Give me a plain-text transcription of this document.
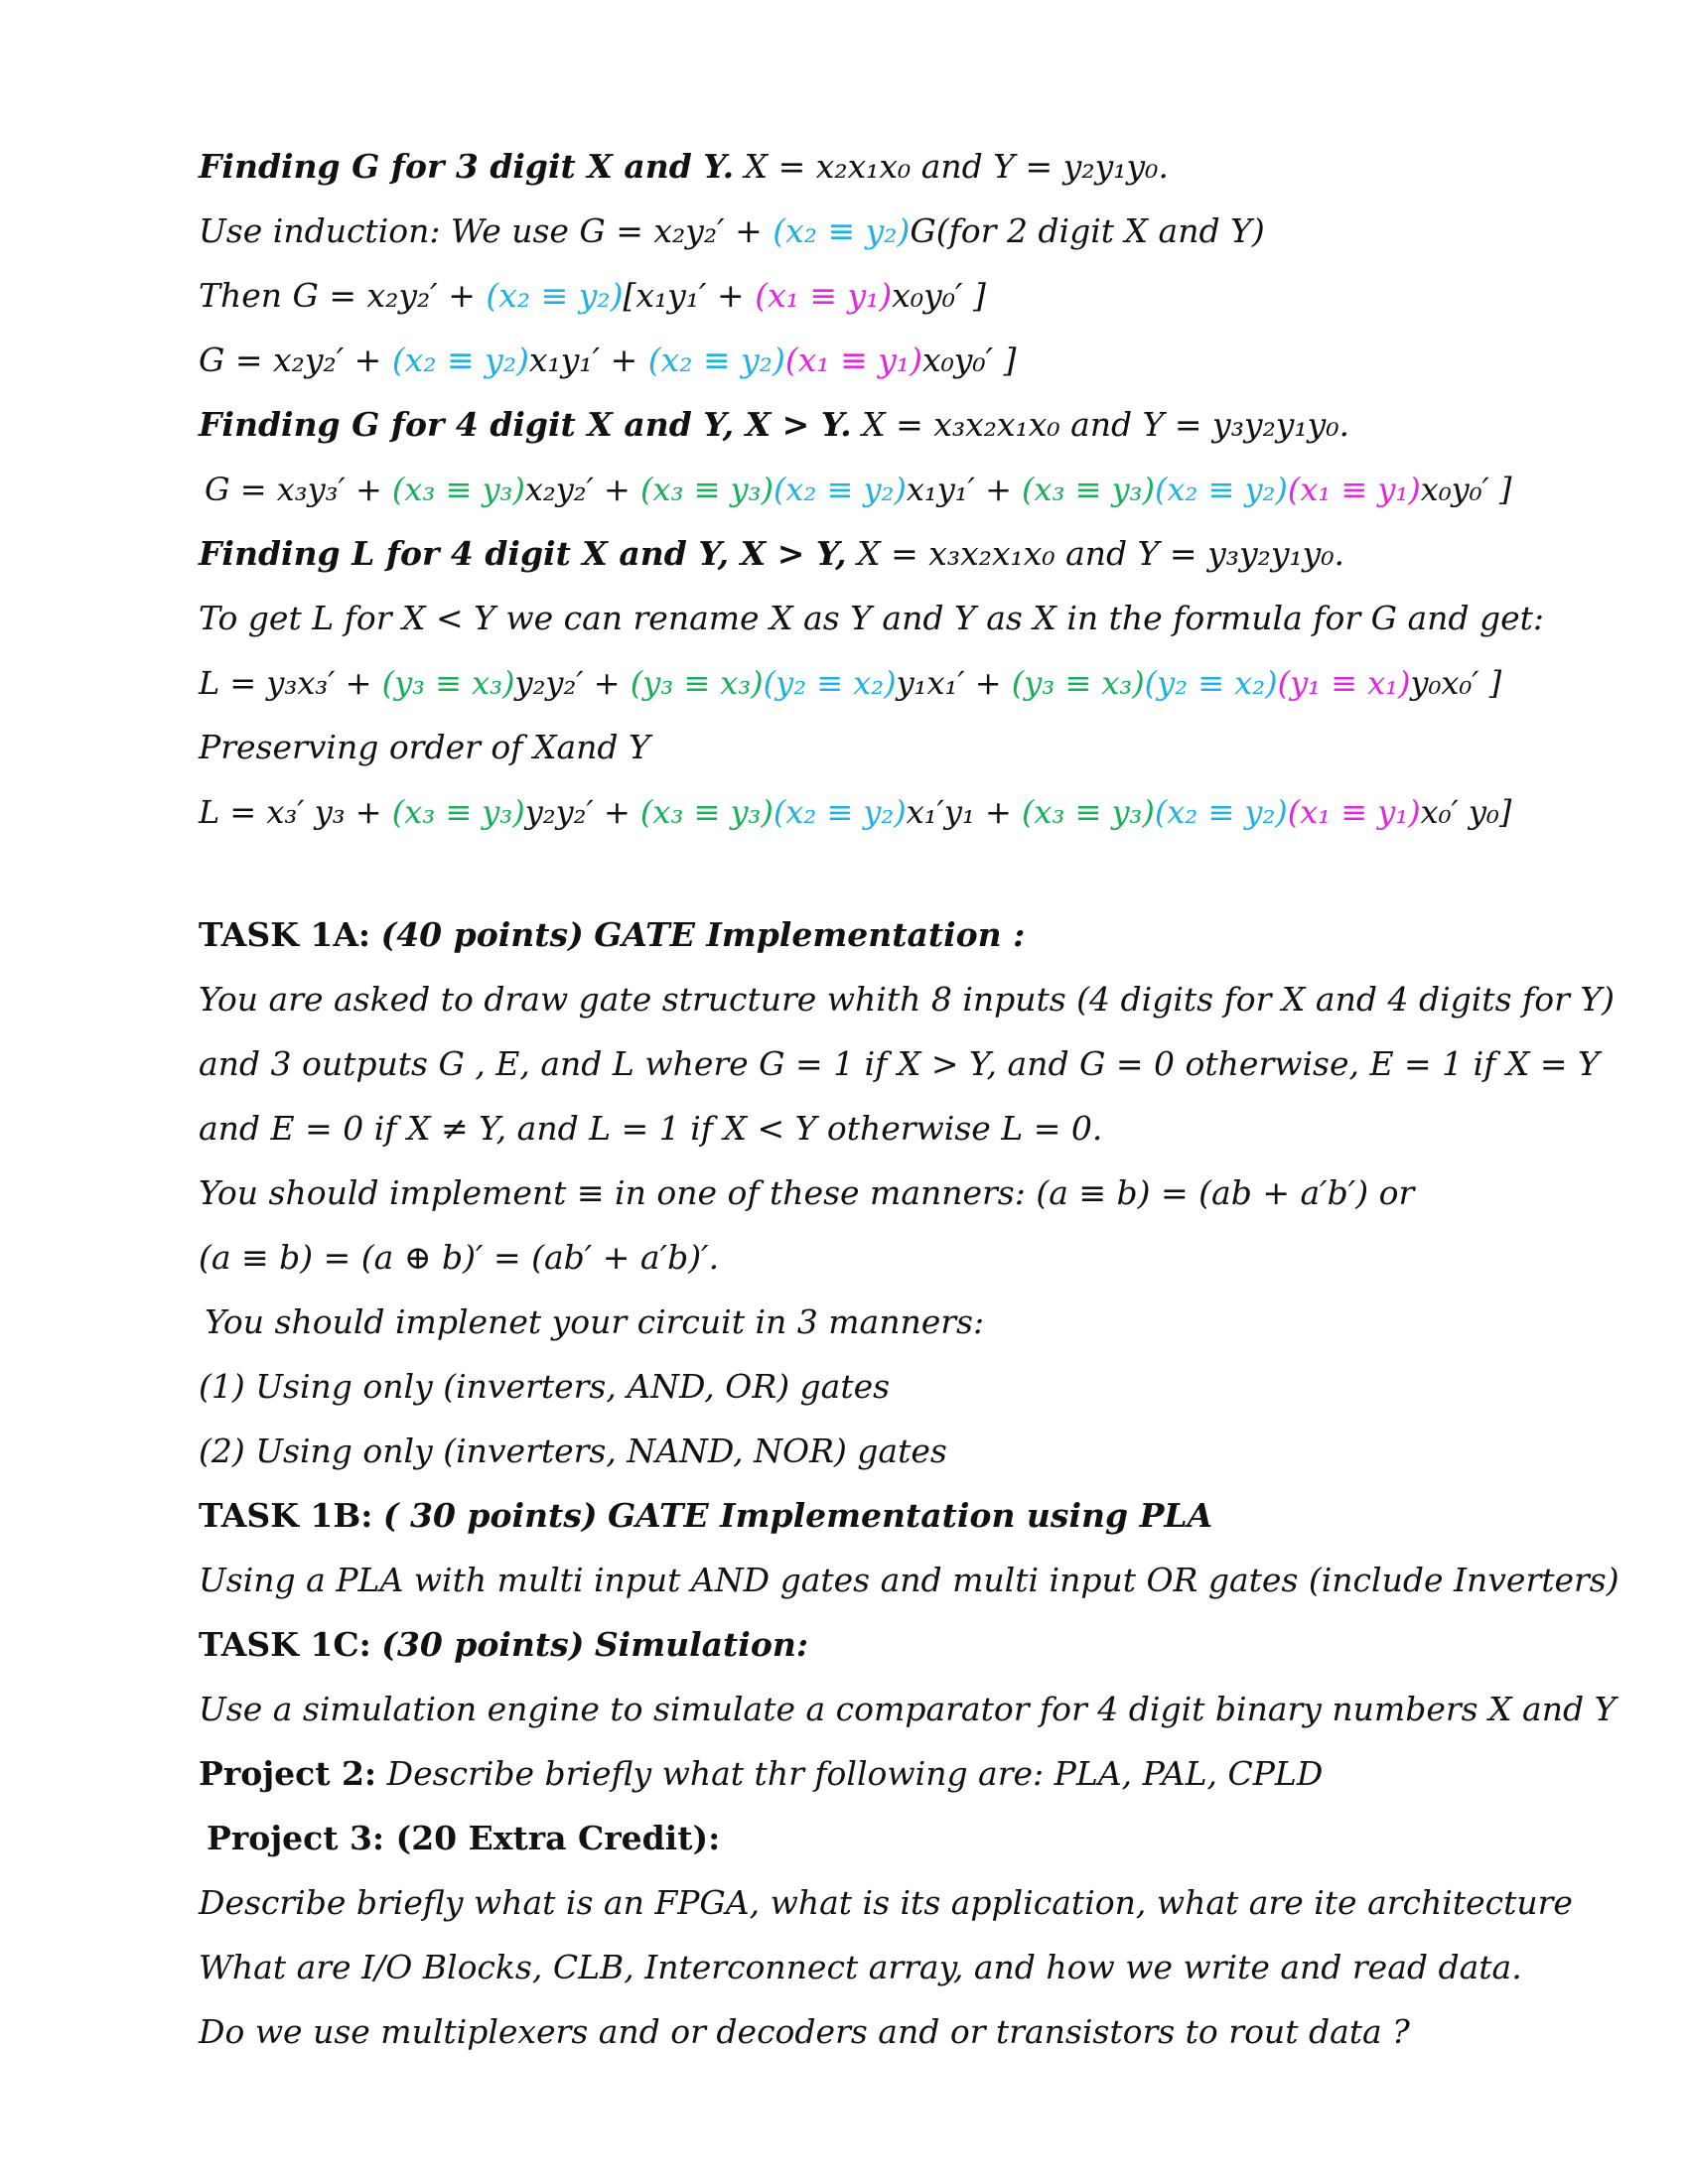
Finding G for 3 digit X and Y. X = x₂x₁x₀ and Y = y₂y₁y₀.
Use induction: We use G = x₂y₂′ + (x₂ ≡ y₂)G(for 2 digit X and Y)
Then G = x₂y₂′ + (x₂ ≡ y₂)[x₁y₁′ + (x₁ ≡ y₁)x₀y₀′ ]
G = x₂y₂′ + (x₂ ≡ y₂)x₁y₁′ + (x₂ ≡ y₂)(x₁ ≡ y₁)x₀y₀′ ]
Finding G for 4 digit X and Y, X > Y. X = x₃x₂x₁x₀ and Y = y₃y₂y₁y₀.
G = x₃y₃′ + (x₃ ≡ y₃)x₂y₂′ + (x₃ ≡ y₃)(x₂ ≡ y₂)x₁y₁′ + (x₃ ≡ y₃)(x₂ ≡ y₂)(x₁ ≡ y₁)x₀y₀′ ]
Finding L for 4 digit X and Y, X > Y, X = x₃x₂x₁x₀ and Y = y₃y₂y₁y₀.
To get L for X < Y we can rename X as Y and Y as X in the formula for G and get:
L = y₃x₃′ + (y₃ ≡ x₃)y₂y₂′ + (y₃ ≡ x₃)(y₂ ≡ x₂)y₁x₁′ + (y₃ ≡ x₃)(y₂ ≡ x₂)(y₁ ≡ x₁)y₀x₀′ ]
Preserving order of Xand Y
L = x₃′ y₃ + (x₃ ≡ y₃)y₂y₂′ + (x₃ ≡ y₃)(x₂ ≡ y₂)x₁′y₁ + (x₃ ≡ y₃)(x₂ ≡ y₂)(x₁ ≡ y₁)x₀′ y₀]
TASK 1A: (40 points) GATE Implementation :
You are asked to draw gate structure whith 8 inputs (4 digits for X and 4 digits for Y)
and 3 outputs G , E, and L where G = 1 if X > Y, and G = 0 otherwise, E = 1 if X = Y
and E = 0 if X ≠ Y, and L = 1 if X < Y otherwise L = 0.
You should implement ≡ in one of these manners: (a ≡ b) = (ab + a′b′) or
(a ≡ b) = (a ⊕ b)′ = (ab′ + a′b)′.
You should implenet your circuit in 3 manners:
(1) Using only (inverters, AND, OR) gates
(2) Using only (inverters, NAND, NOR) gates
TASK 1B: ( 30 points) GATE Implementation using PLA
Using a PLA with multi input AND gates and multi input OR gates (include Inverters)
TASK 1C: (30 points) Simulation:
Use a simulation engine to simulate a comparator for 4 digit binary numbers X and Y
Project 2: Describe briefly what thr following are: PLA, PAL, CPLD
Project 3: (20 Extra Credit):
Describe briefly what is an FPGA, what is its application, what are ite architecture
What are I/O Blocks, CLB, Interconnect array, and how we write and read data.
Do we use multiplexers and or decoders and or transistors to rout data ?
